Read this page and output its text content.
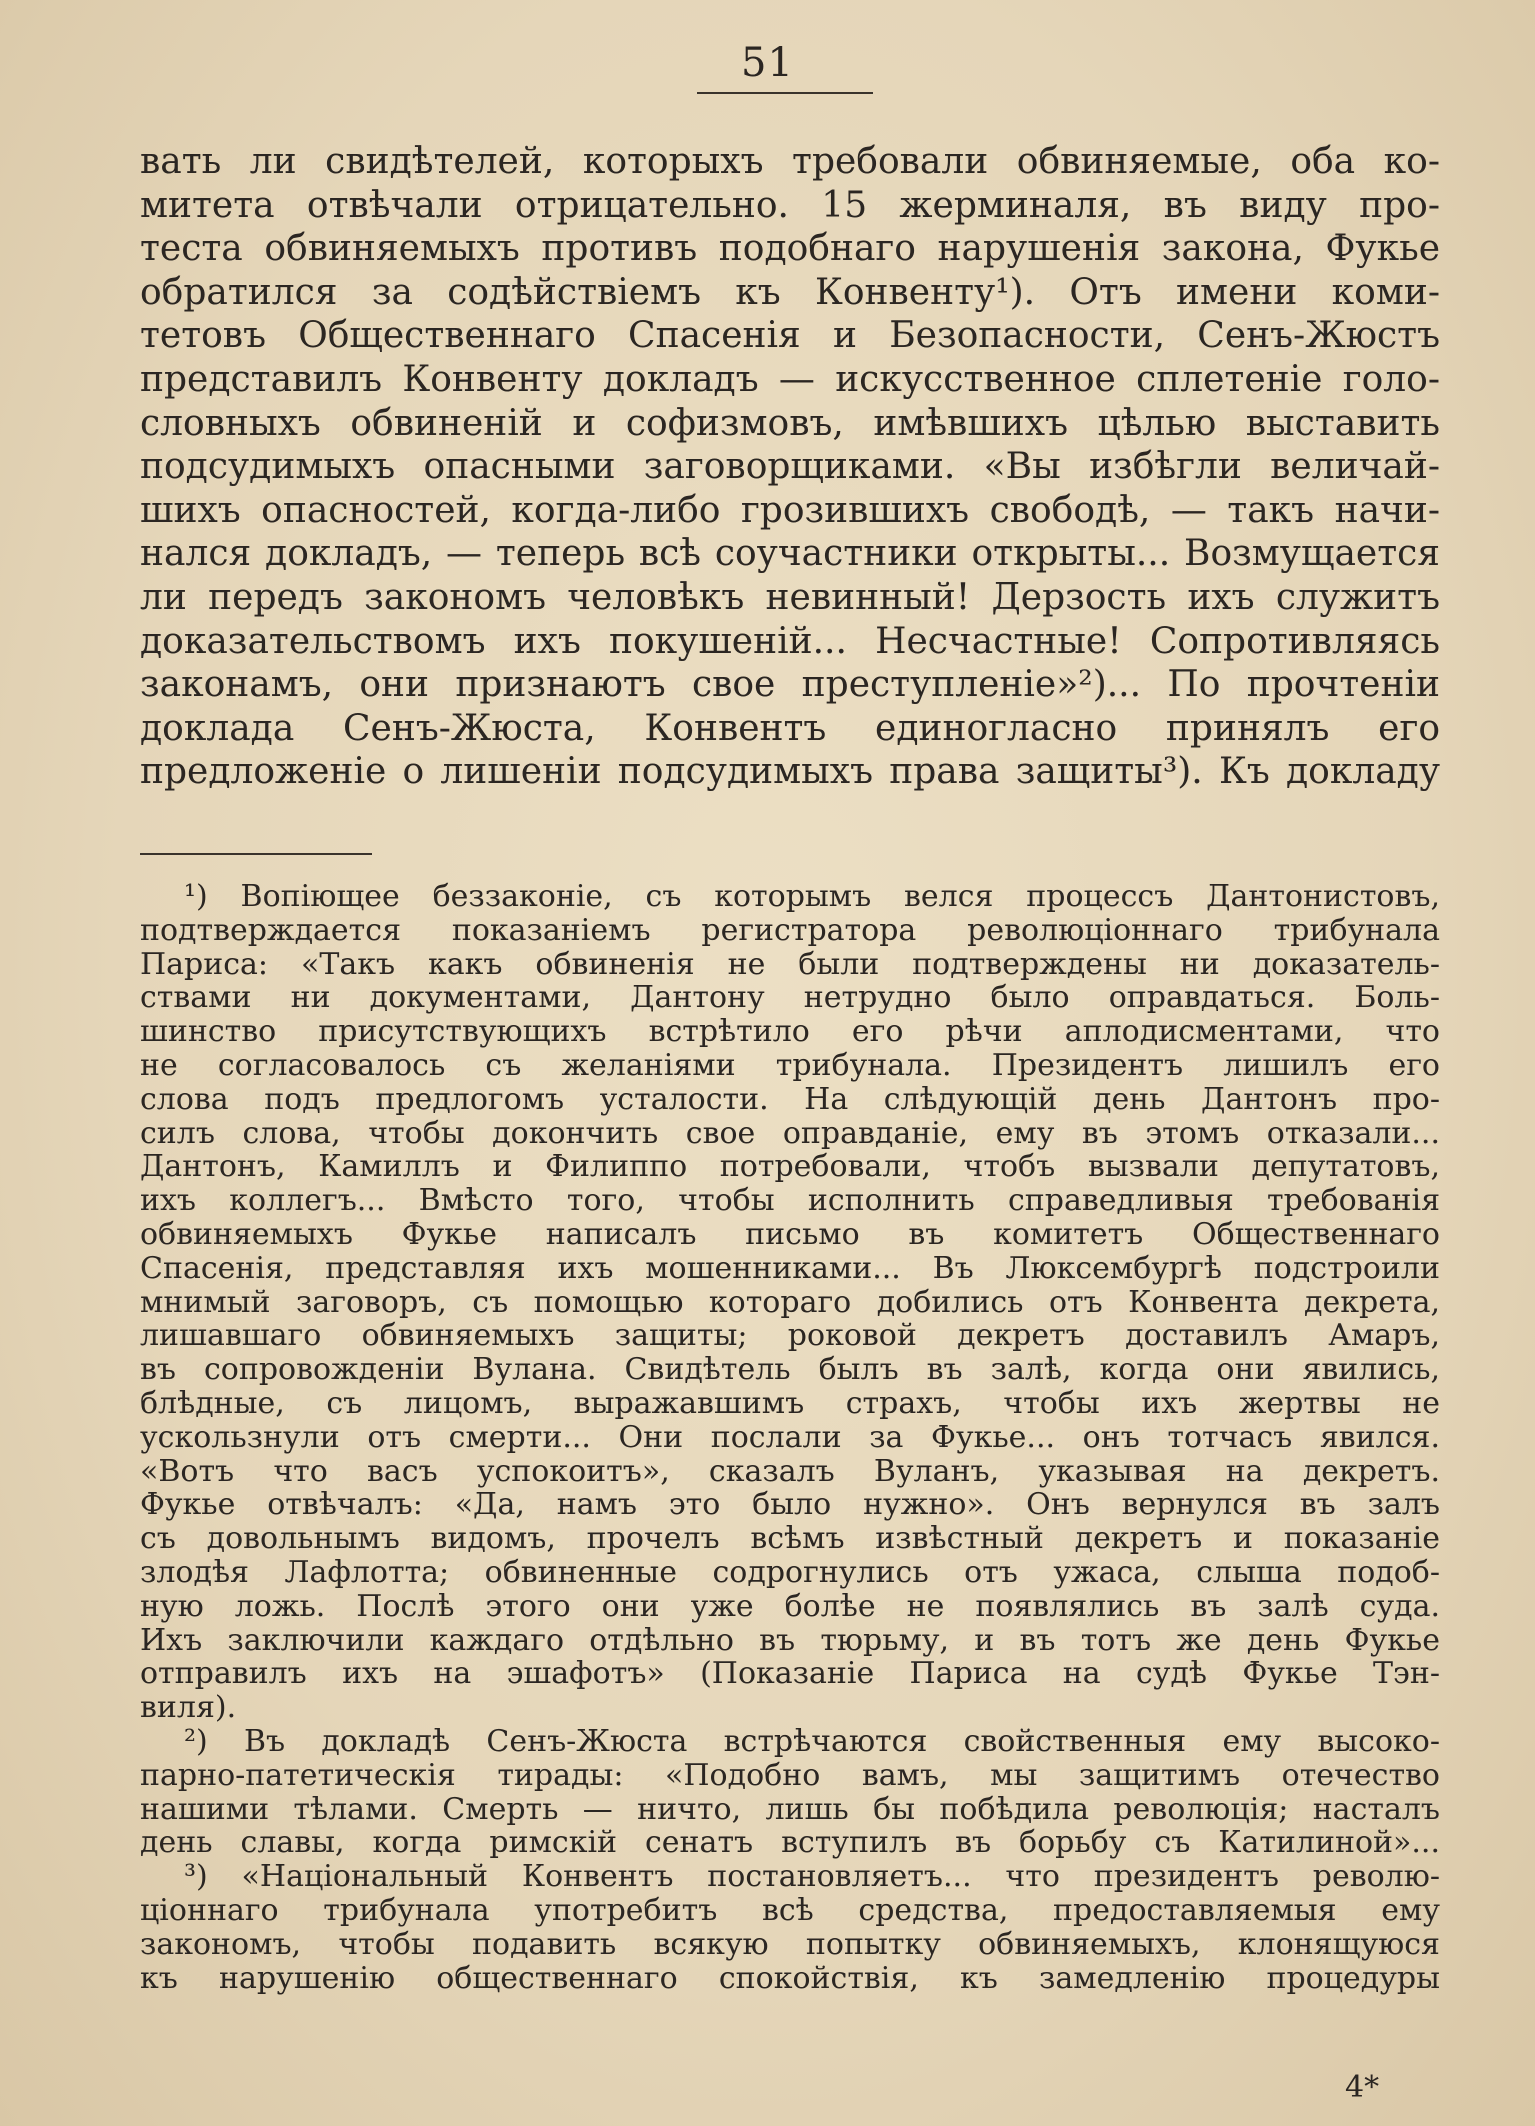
51
вать ли свидѣтелей, которыхъ требовали обвиняемые, оба ко-
митета отвѣчали отрицательно. 15 жерминаля, въ виду про-
теста обвиняемыхъ противъ подобнаго нарушенія закона, Фукье
обратился за содѣйствіемъ къ Конвенту¹). Отъ имени коми-
тетовъ Общественнаго Спасенія и Безопасности, Сенъ-Жюстъ
представилъ Конвенту докладъ — искусственное сплетеніе голо-
словныхъ обвиненій и софизмовъ, имѣвшихъ цѣлью выставить
подсудимыхъ опасными заговорщиками. «Вы избѣгли величай-
шихъ опасностей, когда-либо грозившихъ свободѣ, — такъ начи-
нался докладъ, — теперь всѣ соучастники открыты... Возмущается
ли передъ закономъ человѣкъ невинный! Дерзость ихъ служитъ
доказательствомъ ихъ покушеній... Несчастные! Сопротивляясь
законамъ, они признаютъ свое преступленіе»²)... По прочтеніи
доклада Сенъ-Жюста, Конвентъ единогласно принялъ его
предложеніе о лишеніи подсудимыхъ права защиты³). Къ докладу
¹) Вопіющее беззаконіе, съ которымъ велся процессъ Дантонистовъ,
подтверждается показаніемъ регистратора революціоннаго трибунала
Париса: «Такъ какъ обвиненія не были подтверждены ни доказатель-
ствами ни документами, Дантону нетрудно было оправдаться. Боль-
шинство присутствующихъ встрѣтило его рѣчи аплодисментами, что
не согласовалось съ желаніями трибунала. Президентъ лишилъ его
слова подъ предлогомъ усталости. На слѣдующій день Дантонъ про-
силъ слова, чтобы докончить свое оправданіе, ему въ этомъ отказали...
Дантонъ, Камиллъ и Филиппо потребовали, чтобъ вызвали депутатовъ,
ихъ коллегъ... Вмѣсто того, чтобы исполнить справедливыя требованія
обвиняемыхъ Фукье написалъ письмо въ комитетъ Общественнаго
Спасенія, представляя ихъ мошенниками... Въ Люксембургѣ подстроили
мнимый заговоръ, съ помощью котораго добились отъ Конвента декрета,
лишавшаго обвиняемыхъ защиты; роковой декретъ доставилъ Амаръ,
въ сопровожденіи Вулана. Свидѣтель былъ въ залѣ, когда они явились,
блѣдные, съ лицомъ, выражавшимъ страхъ, чтобы ихъ жертвы не
ускользнули отъ смерти... Они послали за Фукье... онъ тотчасъ явился.
«Вотъ что васъ успокоитъ», сказалъ Вуланъ, указывая на декретъ.
Фукье отвѣчалъ: «Да, намъ это было нужно». Онъ вернулся въ залъ
съ довольнымъ видомъ, прочелъ всѣмъ извѣстный декретъ и показаніе
злодѣя Лафлотта; обвиненные содрогнулись отъ ужаса, слыша подоб-
ную ложь. Послѣ этого они уже болѣе не появлялись въ залѣ суда.
Ихъ заключили каждаго отдѣльно въ тюрьму, и въ тотъ же день Фукье
отправилъ ихъ на эшафотъ» (Показаніе Париса на судѣ Фукье Тэн-
виля).
²) Въ докладѣ Сенъ-Жюста встрѣчаются свойственныя ему высоко-
парно-патетическія тирады: «Подобно вамъ, мы защитимъ отечество
нашими тѣлами. Смерть — ничто, лишь бы побѣдила революція; насталъ
день славы, когда римскій сенатъ вступилъ въ борьбу съ Катилиной»...
³) «Національный Конвентъ постановляетъ... что президентъ револю-
ціоннаго трибунала употребитъ всѣ средства, предоставляемыя ему
закономъ, чтобы подавить всякую попытку обвиняемыхъ, клонящуюся
къ нарушенію общественнаго спокойствія, къ замедленію процедуры
4*
